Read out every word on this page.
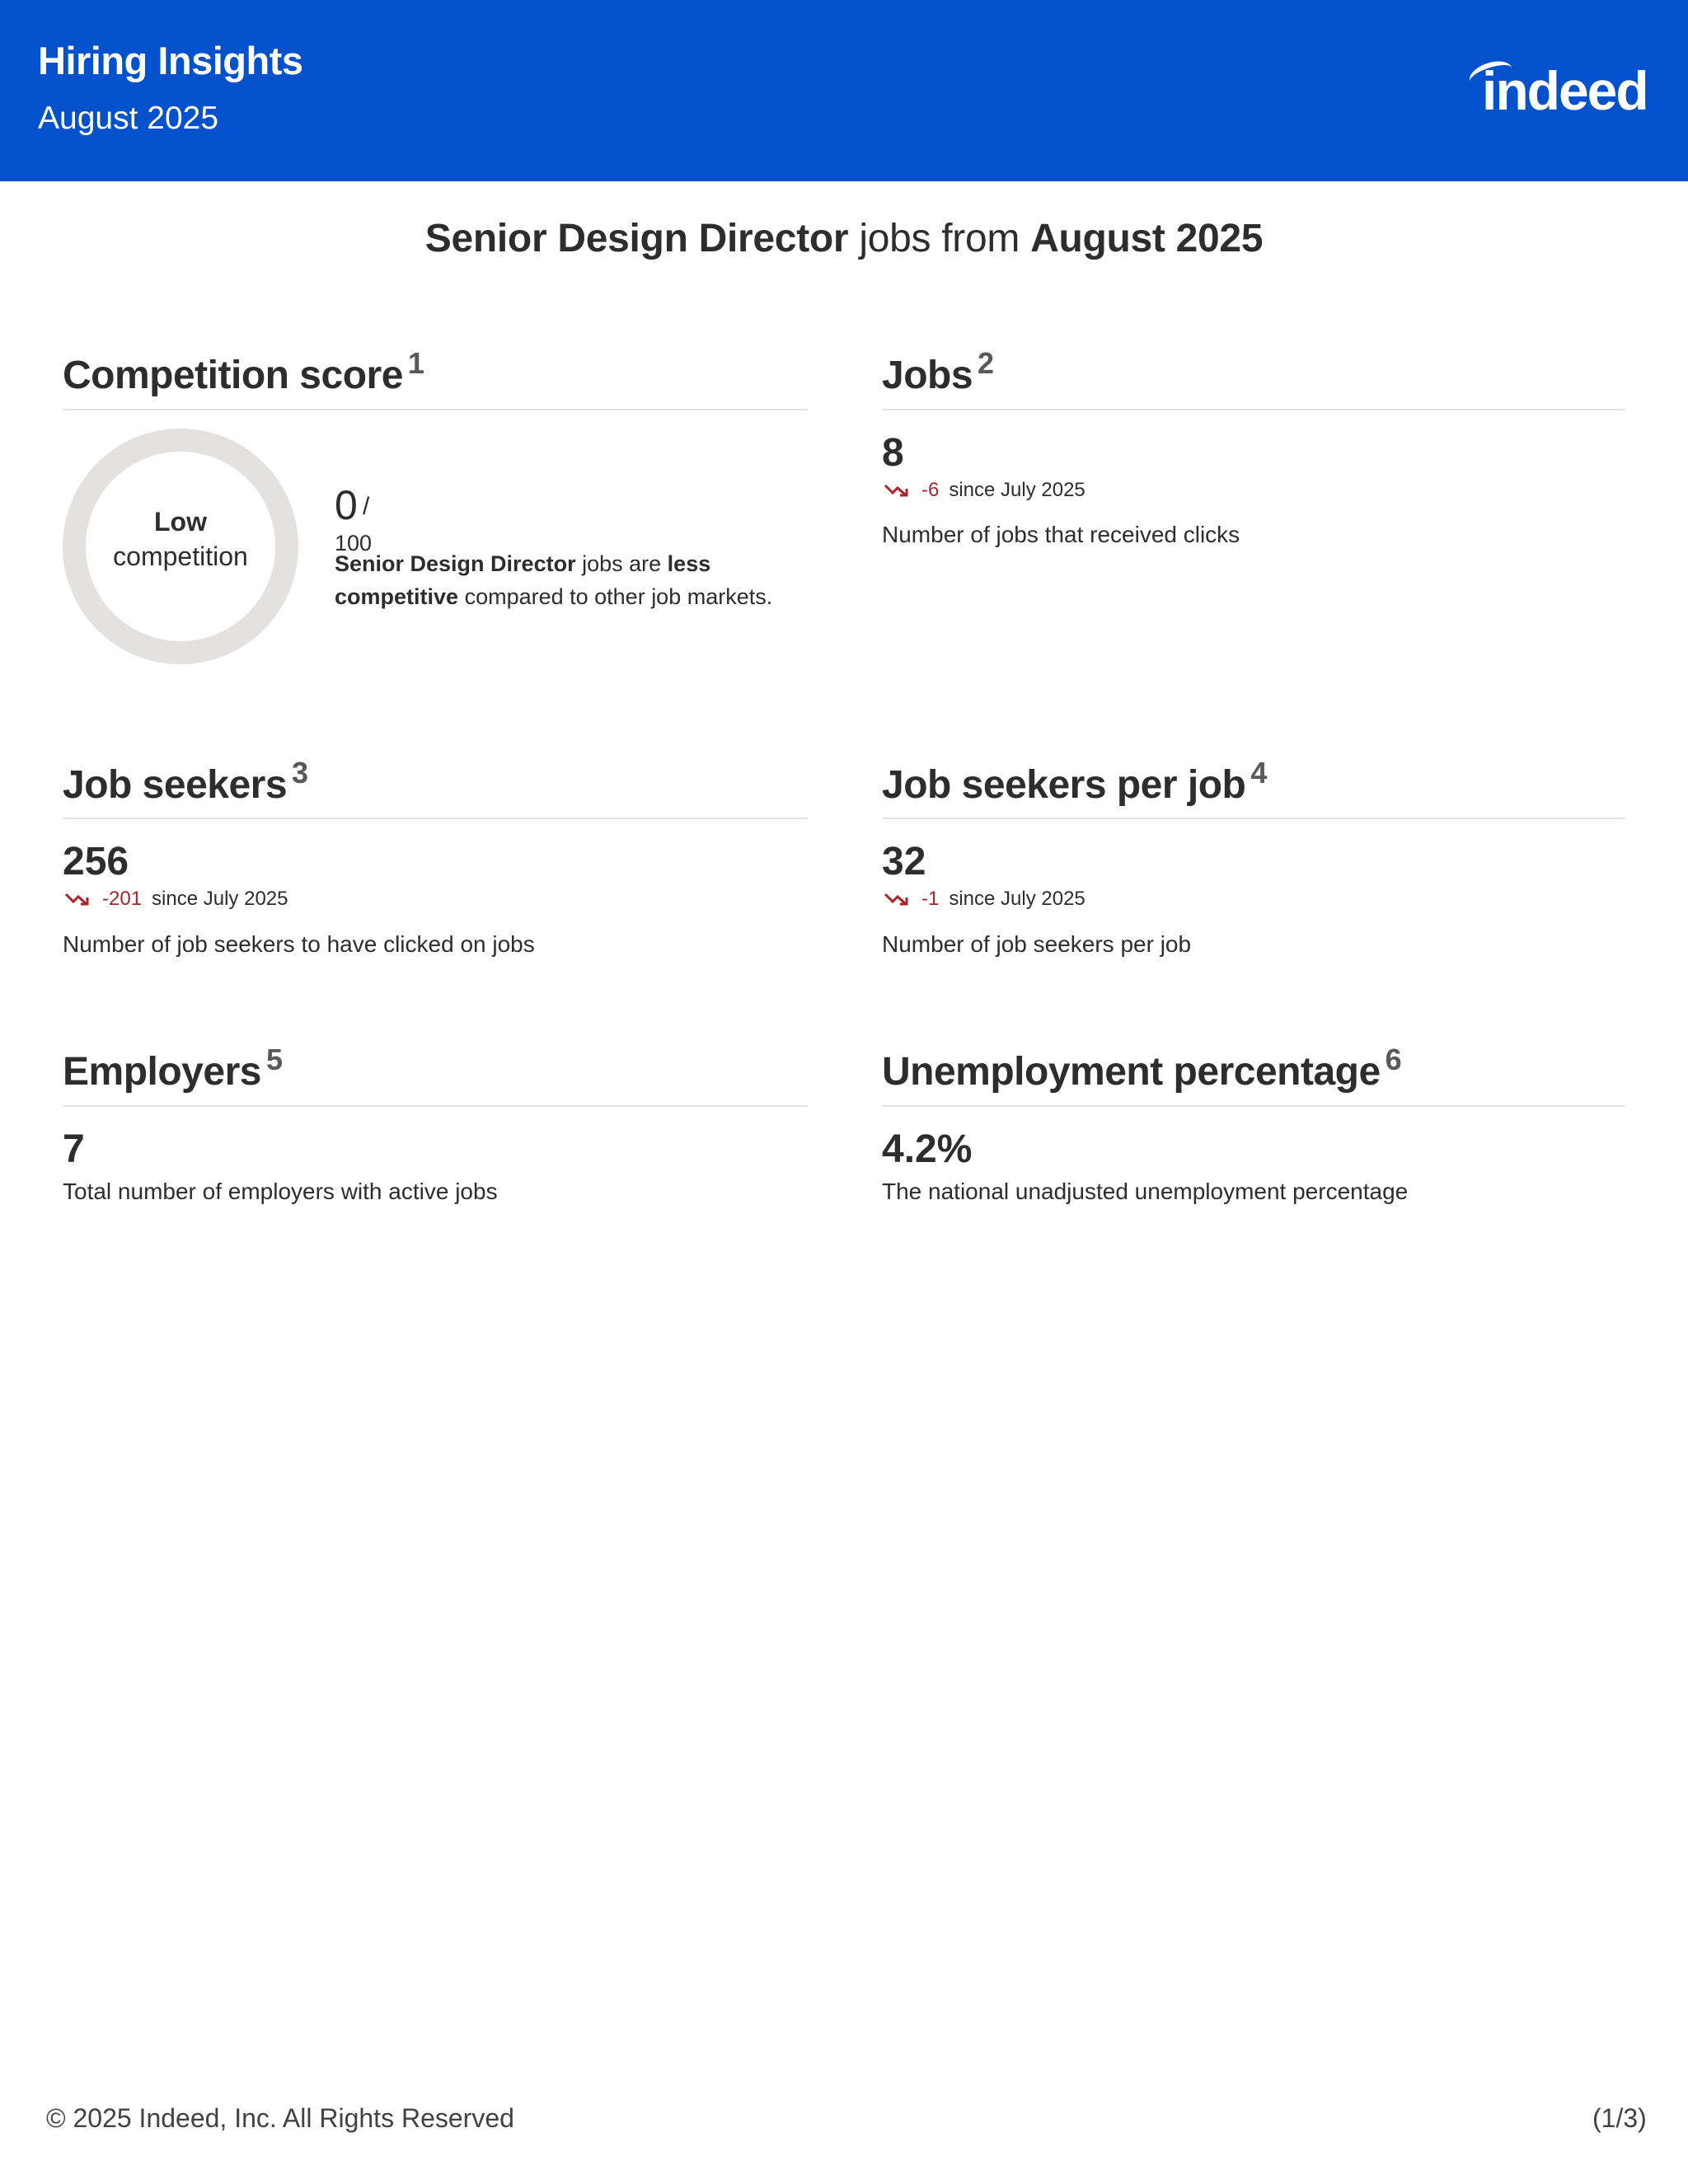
Hiring Insights
August 2025	indeed
Senior Design Director jobs from August 2025
Competition score $^1$
Low
competition
0 /
100
Senior Design Director jobs are less competitive compared to other job markets.
Jobs $^2$
8
-6 since July 2025
Number of jobs that received clicks
Job seekers $^3$
256
-201 since July 2025
Number of job seekers to have clicked on jobs
Job seekers per job $^4$
32
-1 since July 2025
Number of job seekers per job
Employers $^5$
7
Total number of employers with active jobs
Unemployment percentage $^6$
4.2%
The national unadjusted unemployment percentage
© 2025 Indeed, Inc. All Rights Reserved	(1/3)
